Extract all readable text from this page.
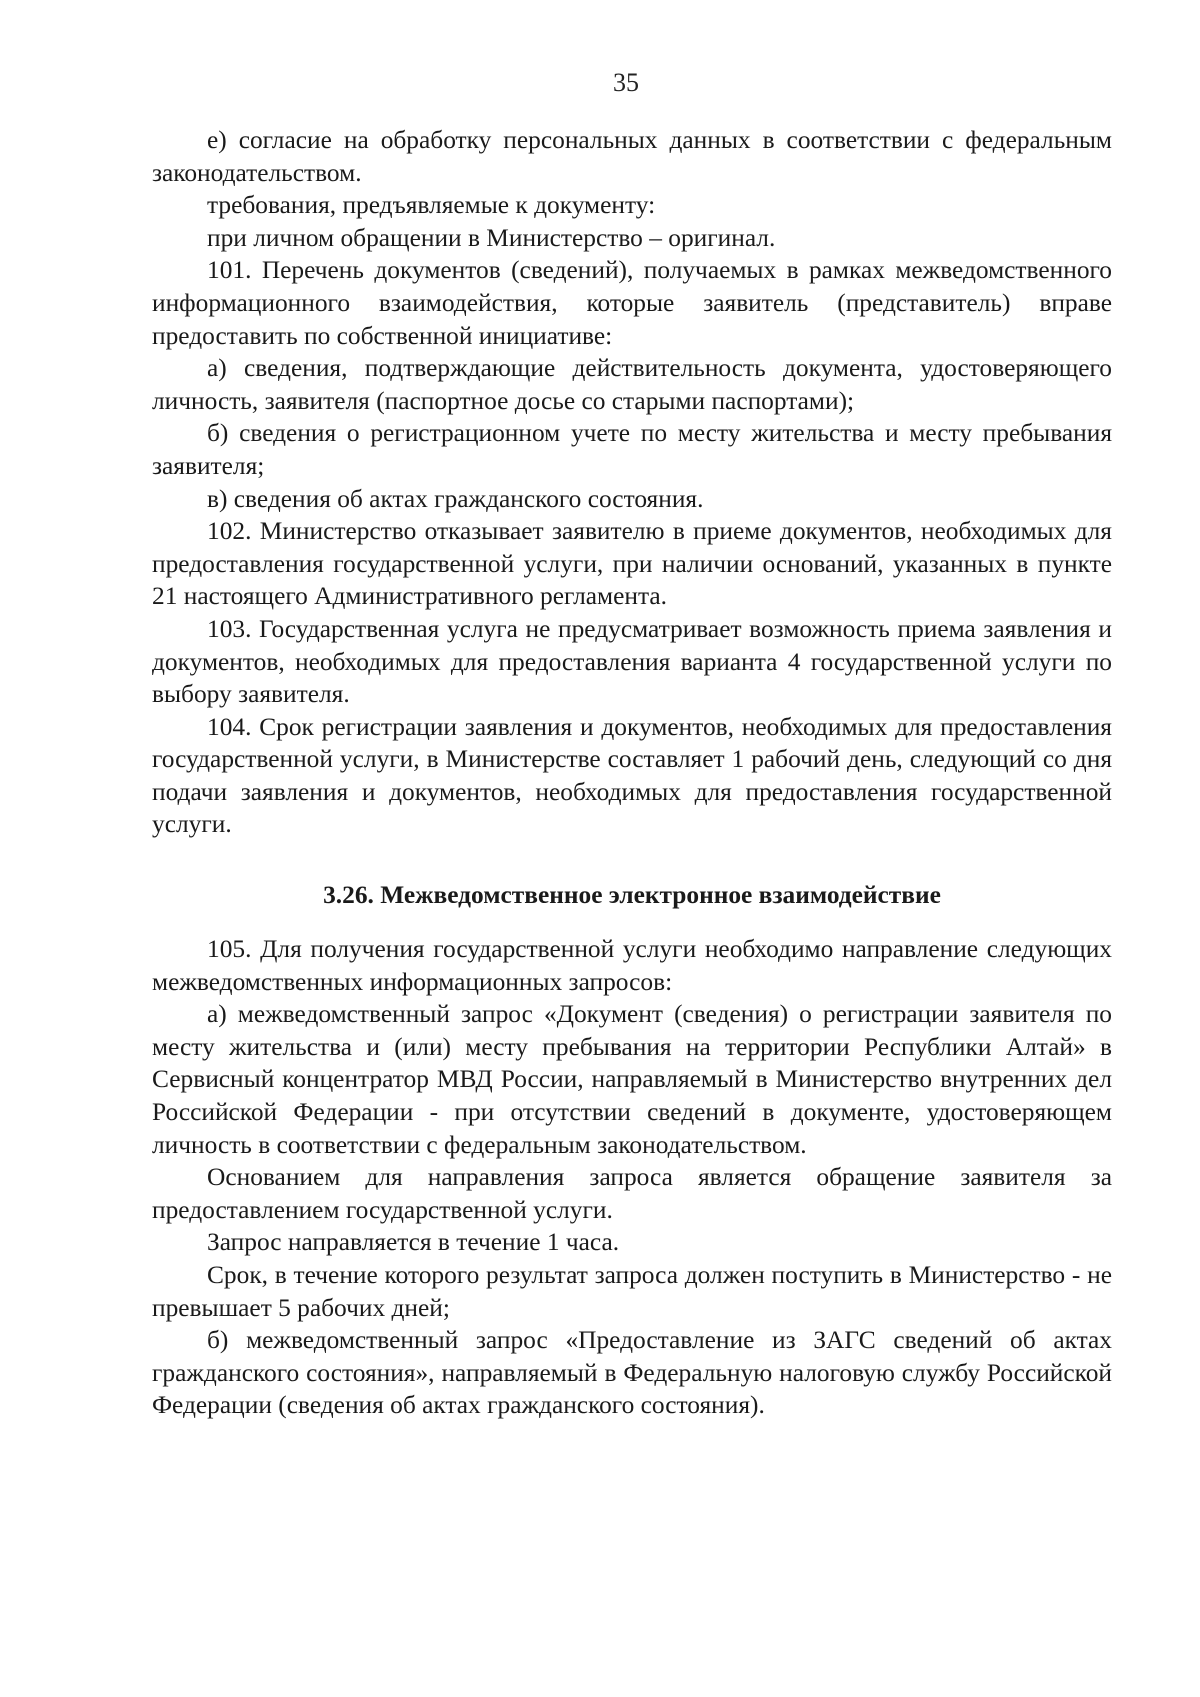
35

е) согласие на обработку персональных данных в соответствии с федеральным законодательством.

требования, предъявляемые к документу:

при личном обращении в Министерство – оригинал.

101. Перечень документов (сведений), получаемых в рамках межведомственного информационного взаимодействия, которые заявитель (представитель) вправе предоставить по собственной инициативе:

а) сведения, подтверждающие действительность документа, удостоверяющего личность, заявителя (паспортное досье со старыми паспортами);

б) сведения о регистрационном учете по месту жительства и месту пребывания заявителя;

в) сведения об актах гражданского состояния.

102. Министерство отказывает заявителю в приеме документов, необходимых для предоставления государственной услуги, при наличии оснований, указанных в пункте 21 настоящего Административного регламента.

103. Государственная услуга не предусматривает возможность приема заявления и документов, необходимых для предоставления варианта 4 государственной услуги по выбору заявителя.

104. Срок регистрации заявления и документов, необходимых для предоставления государственной услуги, в Министерстве составляет 1 рабочий день, следующий со дня подачи заявления и документов, необходимых для предоставления государственной услуги.

3.26. Межведомственное электронное взаимодействие

105. Для получения государственной услуги необходимо направление следующих межведомственных информационных запросов:

а) межведомственный запрос «Документ (сведения) о регистрации заявителя по месту жительства и (или) месту пребывания на территории Республики Алтай» в Сервисный концентратор МВД России, направляемый в Министерство внутренних дел Российской Федерации - при отсутствии сведений в документе, удостоверяющем личность в соответствии с федеральным законодательством.

Основанием для направления запроса является обращение заявителя за предоставлением государственной услуги.

Запрос направляется в течение 1 часа.

Срок, в течение которого результат запроса должен поступить в Министерство - не превышает 5 рабочих дней;

б) межведомственный запрос «Предоставление из ЗАГС сведений об актах гражданского состояния», направляемый в Федеральную налоговую службу Российской Федерации (сведения об актах гражданского состояния).
